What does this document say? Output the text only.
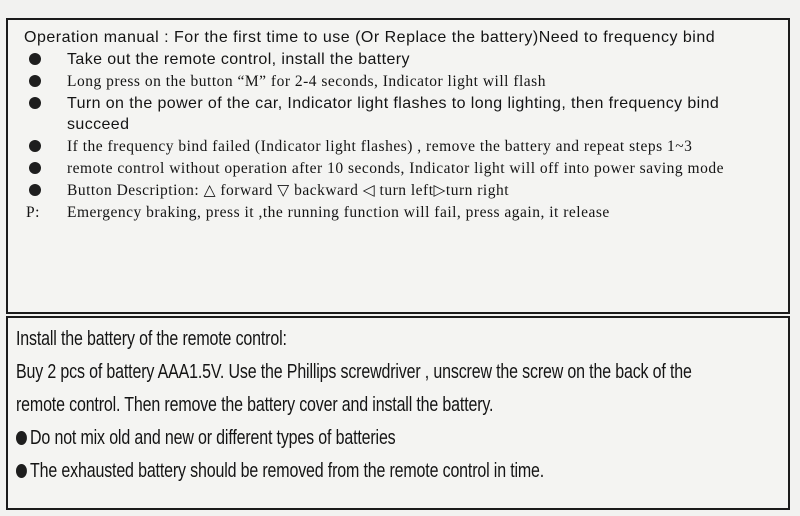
Operation manual : For the first time to use (Or Replace the battery)Need to frequency bind
Take out the remote control, install the battery
Long press on the button “M” for 2-4 seconds, Indicator light will flash
Turn on the power of the car, Indicator light flashes to long lighting, then frequency bind succeed
If the frequency bind failed (Indicator light flashes) , remove the battery and repeat steps 1~3
remote control without operation after 10 seconds, Indicator light will off into power saving mode
Button Description: △ forward ▽ backward ◁ turn left▷turn right
P: Emergency braking, press it ,the running function will fail, press again, it release
Install the battery of the remote control:
Buy 2 pcs of battery AAA1.5V. Use the Phillips screwdriver , unscrew the screw on the back of the
remote control. Then remove the battery cover and install the battery.
Do not mix old and new or different types of batteries
The exhausted battery should be removed from the remote control in time.
